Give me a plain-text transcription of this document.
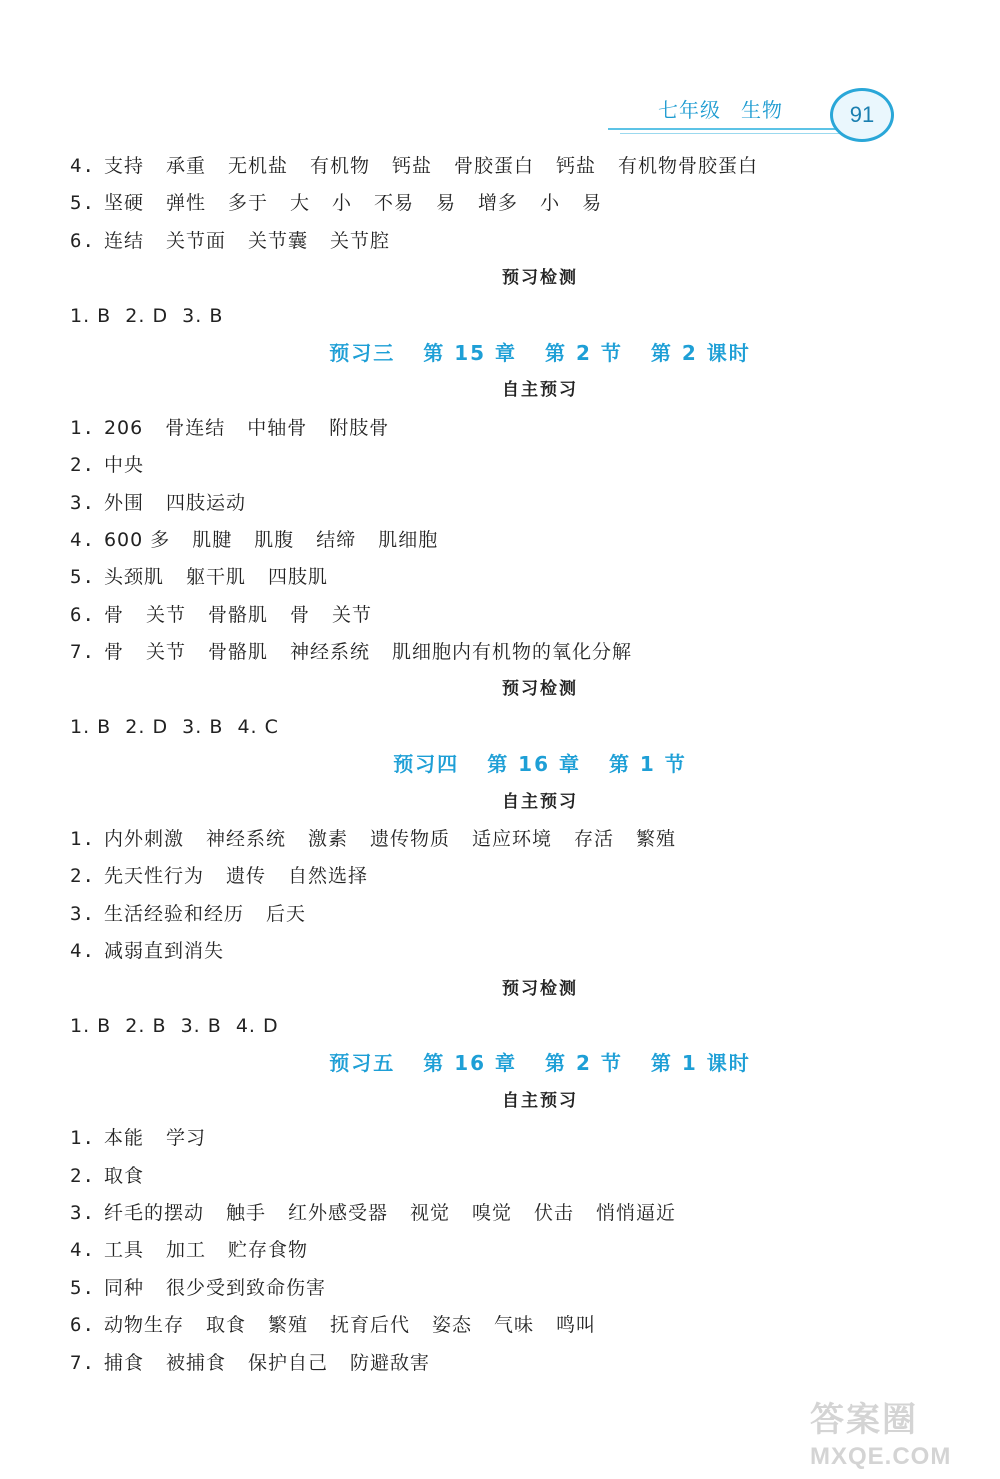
七年级 生物	91
4. 支持 承重 无机盐 有机物 钙盐 骨胶蛋白 钙盐 有机物骨胶蛋白
5. 坚硬 弹性 多于 大 小 不易 易 增多 小 易
6. 连结 关节面 关节囊 关节腔
预习检测
1. B  2. D  3. B
预习三 第 15 章 第 2 节 第 2 课时
自主预习
1. 206 骨连结 中轴骨 附肢骨
2. 中央
3. 外围 四肢运动
4. 600 多 肌腱 肌腹 结缔 肌细胞
5. 头颈肌 躯干肌 四肢肌
6. 骨 关节 骨骼肌 骨 关节
7. 骨 关节 骨骼肌 神经系统 肌细胞内有机物的氧化分解
预习检测
1. B  2. D  3. B  4. C
预习四 第 16 章 第 1 节
自主预习
1. 内外刺激 神经系统 激素 遗传物质 适应环境 存活 繁殖
2. 先天性行为 遗传 自然选择
3. 生活经验和经历 后天
4. 减弱直到消失
预习检测
1. B  2. B  3. B  4. D
预习五 第 16 章 第 2 节 第 1 课时
自主预习
1. 本能 学习
2. 取食
3. 纤毛的摆动 触手 红外感受器 视觉 嗅觉 伏击 悄悄逼近
4. 工具 加工 贮存食物
5. 同种 很少受到致命伤害
6. 动物生存 取食 繁殖 抚育后代 姿态 气味 鸣叫
7. 捕食 被捕食 保护自己 防避敌害
答案圈
MXQE.COM
